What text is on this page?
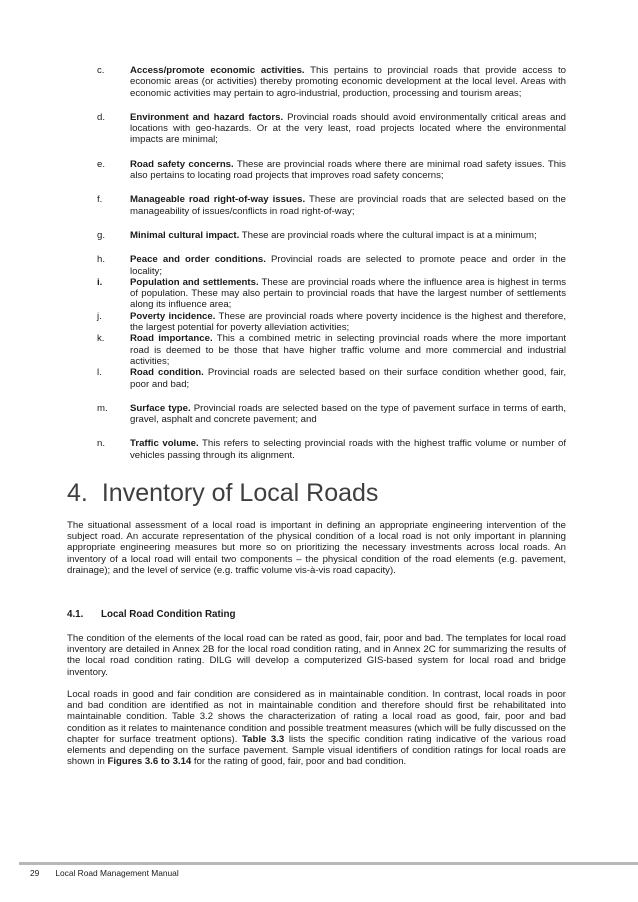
c.	Access/promote economic activities. This pertains to provincial roads that provide access to economic areas (or activities) thereby promoting economic development at the local level. Areas with economic activities may pertain to agro-industrial, production, processing and tourism areas;
d.	Environment and hazard factors. Provincial roads should avoid environmentally critical areas and locations with geo-hazards. Or at the very least, road projects located where the environmental impacts are minimal;
e.	Road safety concerns. These are provincial roads where there are minimal road safety issues. This also pertains to locating road projects that improves road safety concerns;
f.	Manageable road right-of-way issues. These are provincial roads that are selected based on the manageability of issues/conflicts in road right-of-way;
g.	Minimal cultural impact. These are provincial roads where the cultural impact is at a minimum;
h.	Peace and order conditions. Provincial roads are selected to promote peace and order in the locality;
i.	Population and settlements. These are provincial roads where the influence area is highest in terms of population. These may also pertain to provincial roads that have the largest number of settlements along its influence area;
j.	Poverty incidence. These are provincial roads where poverty incidence is the highest and therefore, the largest potential for poverty alleviation activities;
k.	Road importance. This a combined metric in selecting provincial roads where the more important road is deemed to be those that have higher traffic volume and more commercial and industrial activities;
l.	Road condition. Provincial roads are selected based on their surface condition whether good, fair, poor and bad;
m. Surface type. Provincial roads are selected based on the type of pavement surface in terms of earth, gravel, asphalt and concrete pavement; and
n.	Traffic volume. This refers to selecting provincial roads with the highest traffic volume or number of vehicles passing through its alignment.
4. Inventory of Local Roads
The situational assessment of a local road is important in defining an appropriate engineering intervention of the subject road. An accurate representation of the physical condition of a local road is not only important in planning appropriate engineering measures but more so on prioritizing the necessary investments across local roads. An inventory of a local road will entail two components – the physical condition of the road elements (e.g. pavement, drainage); and the level of service (e.g. traffic volume vis-à-vis road capacity).
4.1. Local Road Condition Rating
The condition of the elements of the local road can be rated as good, fair, poor and bad. The templates for local road inventory are detailed in Annex 2B for the local road condition rating, and in Annex 2C for summarizing the results of the local road condition rating. DILG will develop a computerized GIS-based system for local road and bridge inventory.
Local roads in good and fair condition are considered as in maintainable condition. In contrast, local roads in poor and bad condition are identified as not in maintainable condition and therefore should first be rehabilitated into maintainable condition. Table 3.2 shows the characterization of rating a local road as good, fair, poor and bad condition as it relates to maintenance condition and possible treatment measures (which will be fully discussed on the chapter for surface treatment options). Table 3.3 lists the specific condition rating indicative of the various road elements and depending on the surface pavement. Sample visual identifiers of condition ratings for local roads are shown in Figures 3.6 to 3.14 for the rating of good, fair, poor and bad condition.
29 Local Road Management Manual
